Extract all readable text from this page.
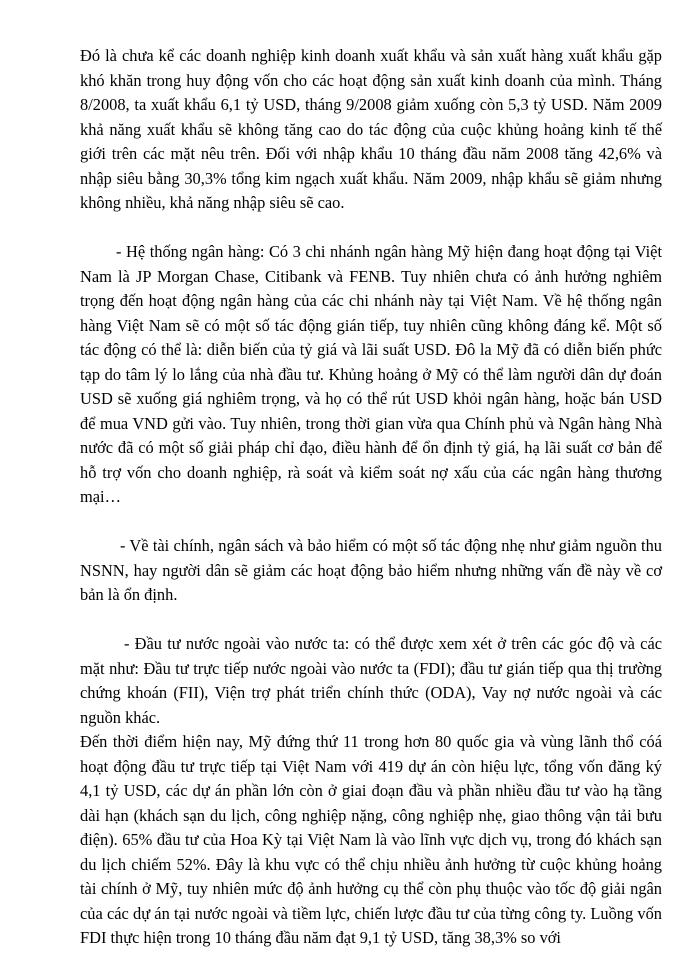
Đó là chưa kể các doanh nghiệp kinh doanh xuất khẩu và sản xuất hàng xuất khẩu gặp khó khăn trong huy động vốn cho các hoạt động sản xuất kinh doanh của mình. Tháng 8/2008, ta xuất khẩu 6,1 tỷ USD, tháng 9/2008 giảm xuống còn 5,3 tỷ USD. Năm 2009 khả năng xuất khẩu sẽ không tăng cao do tác động của cuộc khủng hoảng kinh tế thế giới trên các mặt nêu trên. Đối với nhập khẩu 10 tháng đầu năm 2008 tăng 42,6% và nhập siêu bằng 30,3% tổng kim ngạch xuất khẩu. Năm 2009, nhập khẩu sẽ giảm nhưng không nhiều, khả năng nhập siêu sẽ cao.

- Hệ thống ngân hàng: Có 3 chi nhánh ngân hàng Mỹ hiện đang hoạt động tại Việt Nam là JP Morgan Chase, Citibank và FENB. Tuy nhiên chưa có ảnh hưởng nghiêm trọng đến hoạt động ngân hàng của các chi nhánh này tại Việt Nam. Về hệ thống ngân hàng Việt Nam sẽ có một số tác động gián tiếp, tuy nhiên cũng không đáng kể. Một số tác động có thể là: diễn biến của tỷ giá và lãi suất USD. Đô la Mỹ đã có diễn biến phức tạp do tâm lý lo lắng của nhà đầu tư. Khủng hoảng ở Mỹ có thể làm người dân dự đoán USD sẽ xuống giá nghiêm trọng, và họ có thể rút USD khỏi ngân hàng, hoặc bán USD để mua VND gửi vào. Tuy nhiên, trong thời gian vừa qua Chính phủ và Ngân hàng Nhà nước đã có một số giải pháp chỉ đạo, điều hành để ổn định tỷ giá, hạ lãi suất cơ bản để hỗ trợ vốn cho doanh nghiệp, rà soát và kiểm soát nợ xấu của các ngân hàng thương mại…

- Về tài chính, ngân sách và bảo hiểm có một số tác động nhẹ như giảm nguồn thu NSNN, hay người dân sẽ giảm các hoạt động bảo hiểm nhưng những vấn đề này về cơ bản là ổn định.

- Đầu tư nước ngoài vào nước ta: có thể được xem xét ở trên các góc độ và các mặt như: Đầu tư trực tiếp nước ngoài vào nước ta (FDI); đầu tư gián tiếp qua thị trường chứng khoán (FII), Viện trợ phát triển chính thức (ODA), Vay nợ nước ngoài và các nguồn khác.

Đến thời điểm hiện nay, Mỹ đứng thứ 11 trong hơn 80 quốc gia và vùng lãnh thổ cóá hoạt động đầu tư trực tiếp tại Việt Nam với 419 dự án còn hiệu lực, tổng vốn đăng ký 4,1 tỷ USD, các dự án phần lớn còn ở giai đoạn đầu và phần nhiều đầu tư vào hạ tầng dài hạn (khách sạn du lịch, công nghiệp nặng, công nghiệp nhẹ, giao thông vận tải bưu điện). 65% đầu tư của Hoa Kỳ tại Việt Nam là vào lĩnh vực dịch vụ, trong đó khách sạn du lịch chiếm 52%. Đây là khu vực có thể chịu nhiều ảnh hưởng từ cuộc khủng hoảng tài chính ở Mỹ, tuy nhiên mức độ ảnh hưởng cụ thể còn phụ thuộc vào tốc độ giải ngân của các dự án tại nước ngoài và tiềm lực, chiến lược đầu tư của từng công ty. Luồng vốn FDI thực hiện trong 10 tháng đầu năm đạt 9,1 tỷ USD, tăng 38,3% so với
